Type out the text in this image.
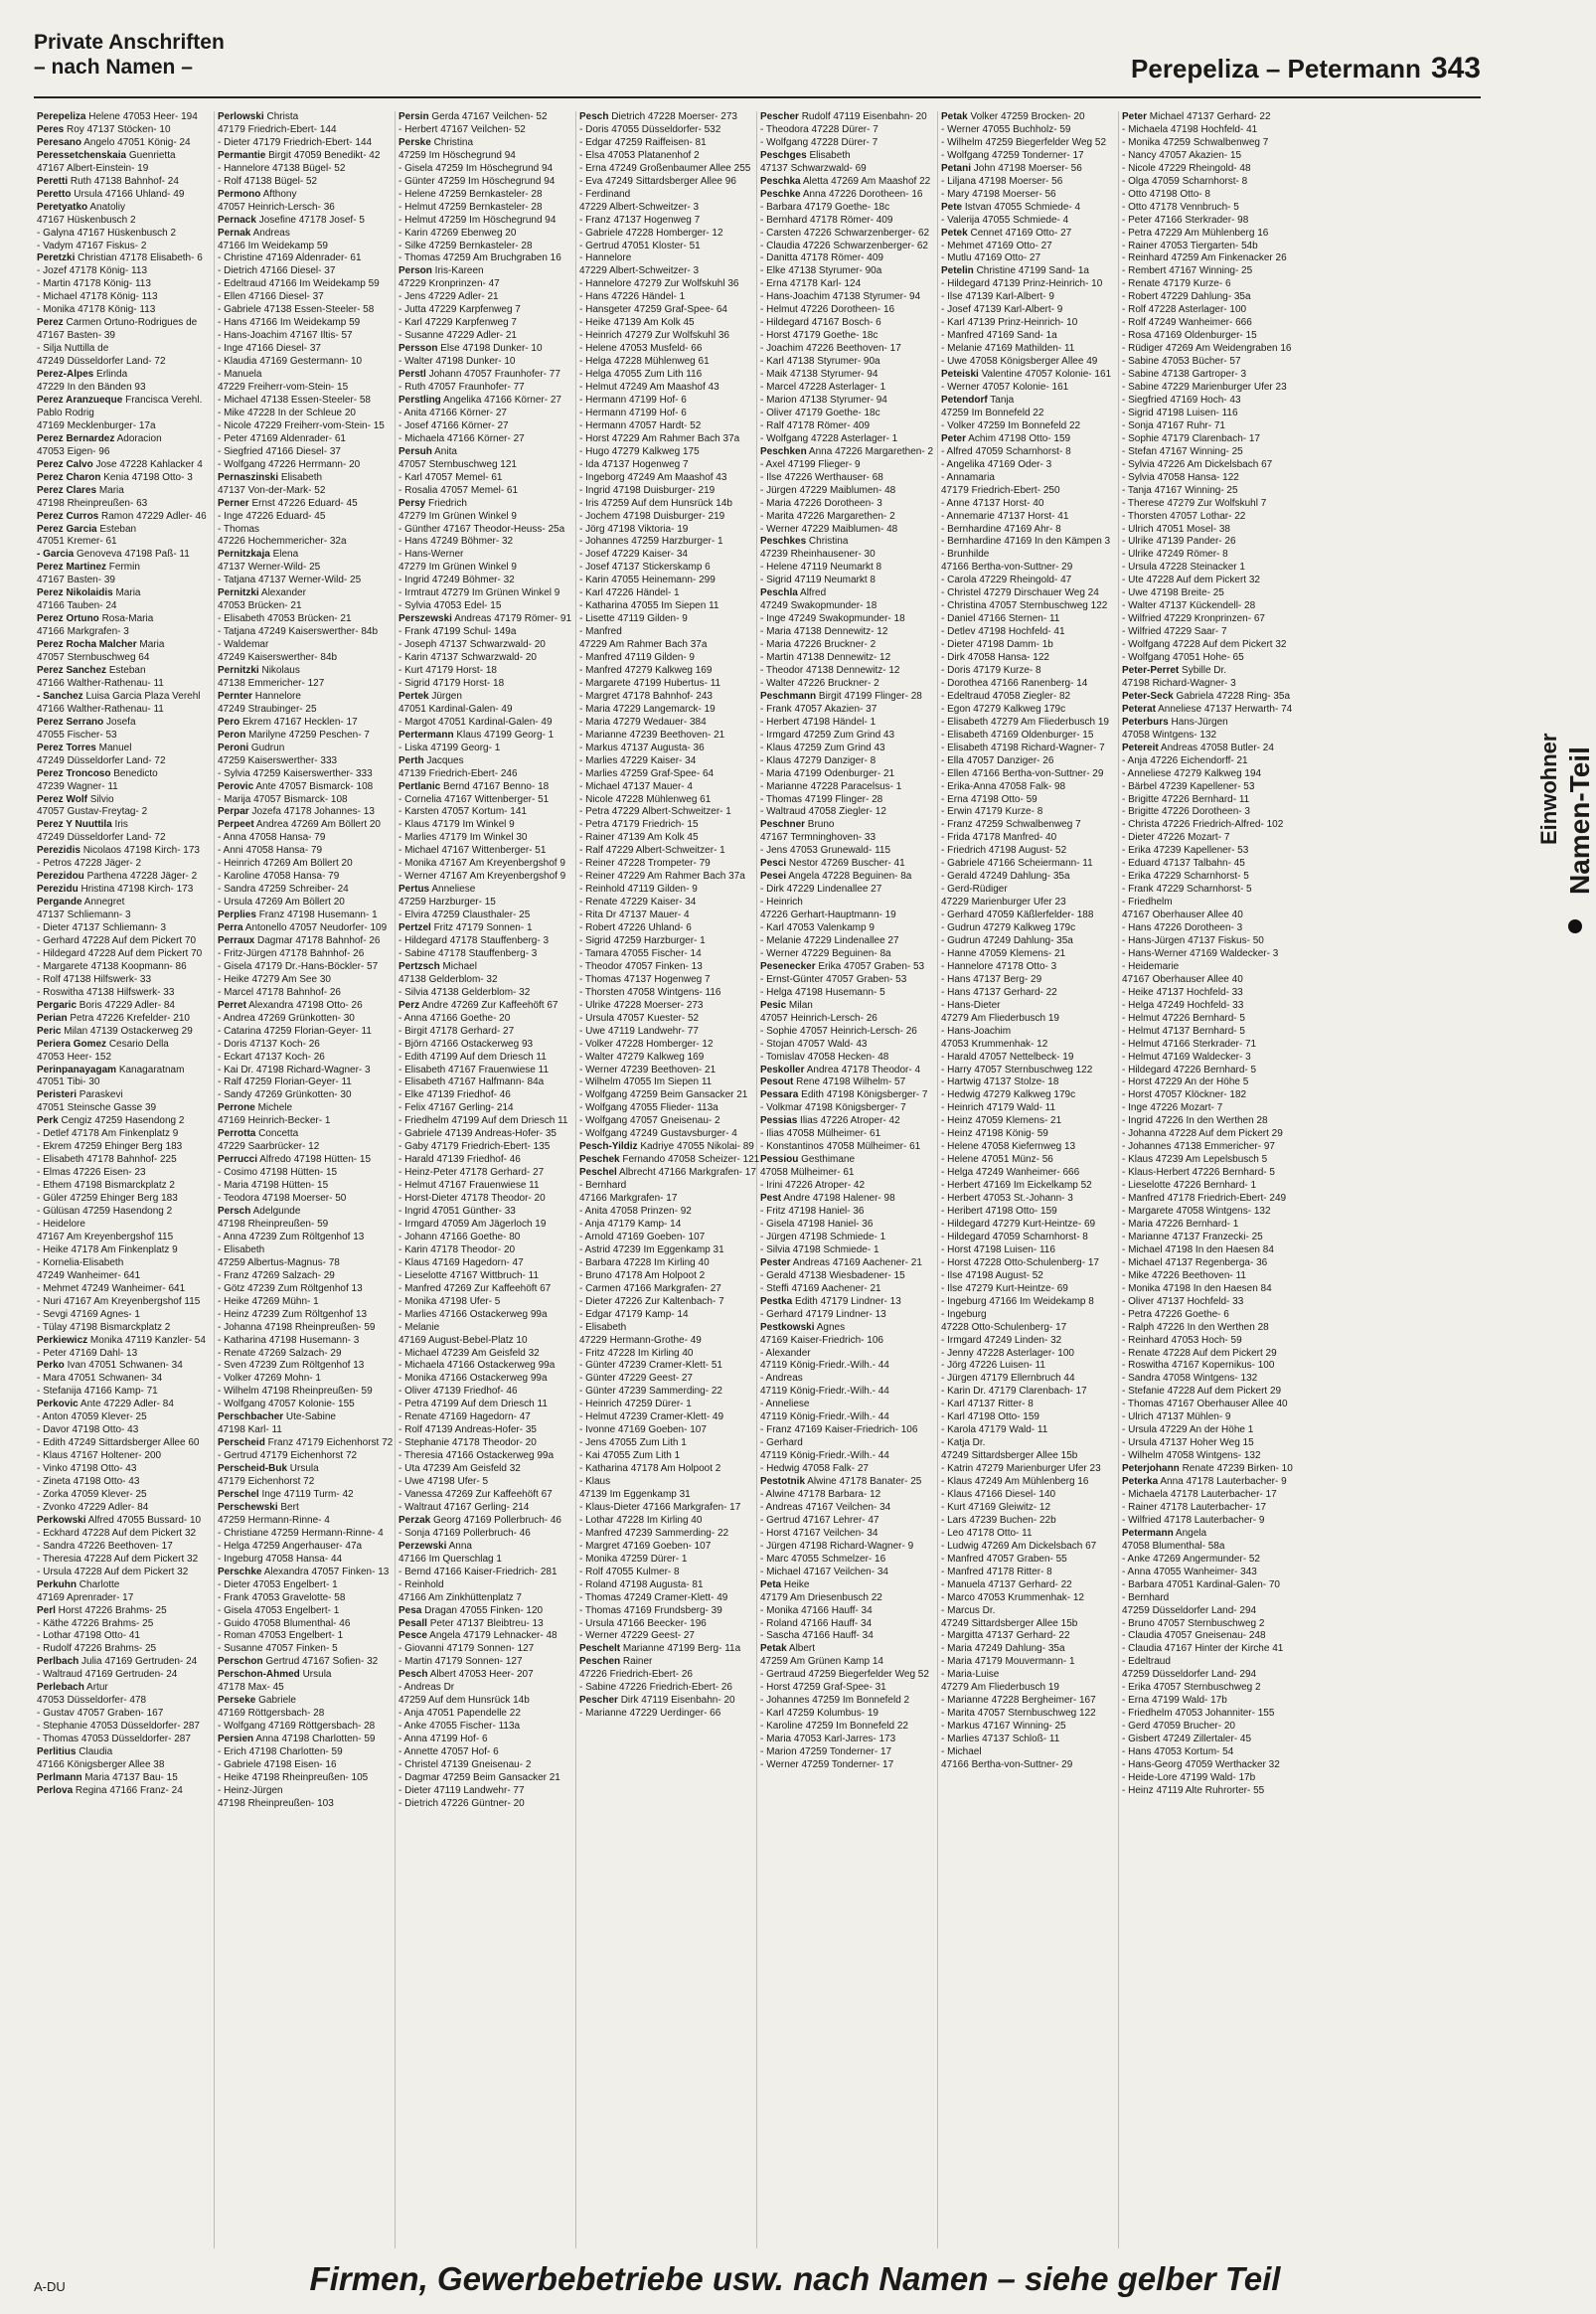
Private Anschriften
– nach Namen –	Perepeliza – Petermann 343
Perepeliza Helene 47053 Heer- 194
Peres Roy 47137 Stöcken- 10
Peresano Angelo 47051 König- 24
Peressetchenskaia Guenrietta
47167 Albert-Einstein- 19
Peretti Ruth 47138 Bahnhof- 24
Peretto Ursula 47166 Uhland- 49
Peretyatko Anatoliy
47167 Hüskenbusch 2
- Galyna 47167 Hüskenbusch 2
- Vadym 47167 Fiskus- 2
Peretzki Christian 47178 Elisabeth- 6
- Jozef 47178 König- 113
- Martin 47178 König- 113
- Michael 47178 König- 113
- Monika 47178 König- 113
Perez Carmen Ortuno-Rodrigues de
47167 Basten- 39
- Silja Nuttilla de
47249 Düsseldorfer Land- 72
Perez-Alpes Erlinda
47229 In den Bänden 93
Perez Aranzueque Francisca Verehl.
Pablo Rodrig
47169 Mecklenburger- 17a
Perez Bernardez Adoracion
47053 Eigen- 96
Perez Calvo Jose 47228 Kahlacker 4
Perez Charon Kenia 47198 Otto- 3
Perez Clares Maria
47198 Rheinpreußen- 63
Perez Curros Ramon 47229 Adler- 46
Perez Garcia Esteban
47051 Kremer- 61
- Garcia Genoveva 47198 Paß- 11
Perez Martinez Fermin
47167 Basten- 39
Perez Nikolaidis Maria
47166 Tauben- 24
Perez Ortuno Rosa-Maria
47166 Markgrafen- 3
Perez Rocha Malcher Maria
47057 Sternbuschweg 64
Perez Sanchez Esteban
47166 Walther-Rathenau- 11
- Sanchez Luisa Garcia Plaza Verehl
47166 Walther-Rathenau- 11
Perez Serrano Josefa
47055 Fischer- 53
Perez Torres Manuel
47249 Düsseldorfer Land- 72
Perez Troncoso Benedicto
47239 Wagner- 11
Perez Wolf Silvio
47057 Gustav-Freytag- 2
Perez Y Nuuttila Iris
47249 Düsseldorfer Land- 72
Perezidis Nicolaos 47198 Kirch- 173
- Petros 47228 Jäger- 2
Perezidou Parthena 47228 Jäger- 2
Perezidu Hristina 47198 Kirch- 173
Pergande Annegret
47137 Schliemann- 3
- Dieter 47137 Schliemann- 3
- Gerhard 47228 Auf dem Pickert 70
- Hildegard 47228 Auf dem Pickert 70
- Margarete 47138 Koopmann- 86
- Rolf 47138 Hilfswerk- 33
- Roswitha 47138 Hilfswerk- 33
Pergaric Boris 47229 Adler- 84
Perian Petra 47226 Krefelder- 210
Peric Milan 47139 Ostackerweg 29
Periera Gomez Cesario Della
47053 Heer- 152
Perinpanayagam Kanagaratnam
47051 Tibi- 30
Peristeri Paraskevi
47051 Steinsche Gasse 39
Perk Cengiz 47259 Hasendong 2
- Detlef 47178 Am Finkenplatz 9
- Ekrem 47259 Ehinger Berg 183
- Elisabeth 47178 Bahnhof- 225
- Elmas 47226 Eisen- 23
- Ethem 47198 Bismarckplatz 2
- Güler 47259 Ehinger Berg 183
- Gülüsan 47259 Hasendong 2
- Heidelore
47167 Am Kreyenbergshof 115
- Heike 47178 Am Finkenplatz 9
- Kornelia-Elisabeth
47249 Wanheimer- 641
- Mehmet 47249 Wanheimer- 641
- Nuri 47167 Am Kreyenbergshof 115
- Sevgi 47169 Agnes- 1
- Tülay 47198 Bismarckplatz 2
Perkiewicz Monika 47119 Kanzler- 54
- Peter 47169 Dahl- 13
Perko Ivan 47051 Schwanen- 34
- Mara 47051 Schwanen- 34
- Stefanija 47166 Kamp- 71
Perkovic Ante 47229 Adler- 84
- Anton 47059 Klever- 25
- Davor 47198 Otto- 43
- Edith 47249 Sittardsberger Allee 60
- Klaus 47167 Holtener- 200
- Vinko 47198 Otto- 43
- Zineta 47198 Otto- 43
- Zorka 47059 Klever- 25
- Zvonko 47229 Adler- 84
Perkowski Alfred 47055 Bussard- 10
- Eckhard 47228 Auf dem Pickert 32
- Sandra 47226 Beethoven- 17
- Theresia 47228 Auf dem Pickert 32
- Ursula 47228 Auf dem Pickert 32
Perkuhn Charlotte
47169 Aprenrader- 17
Perl Horst 47226 Brahms- 25
- Käthe 47226 Brahms- 25
- Lothar 47198 Otto- 41
- Rudolf 47226 Brahms- 25
Perlbach Julia 47169 Gertruden- 24
- Waltraud 47169 Gertruden- 24
Perlebach Artur
47053 Düsseldorfer- 478
- Gustav 47057 Graben- 167
- Stephanie 47053 Düsseldorfer- 287
- Thomas 47053 Düsseldorfer- 287
Perlitius Claudia
47166 Königsberger Allee 38
Perlmann Maria 47137 Bau- 15
Perlova Regina 47166 Franz- 24
Perlowski Christa
47179 Friedrich-Ebert- 144
- Dieter 47179 Friedrich-Ebert- 144
Permantie Birgit 47059 Benedikt- 42
- Hannelore 47138 Bügel- 52
- Rolf 47138 Bügel- 52
Permono Afthony
47057 Heinrich-Lersch- 36
Pernack Josefine 47178 Josef- 5
Pernak Andreas
47166 Im Weidekamp 59
- Christine 47169 Aldenrader- 61
- Dietrich 47166 Diesel- 37
- Edeltraud 47166 Im Weidekamp 59
- Ellen 47166 Diesel- 37
- Gabriele 47138 Essen-Steeler- 58
- Hans 47166 Im Weidekamp 59
- Hans-Joachim 47167 Iltis- 57
- Inge 47166 Diesel- 37
- Klaudia 47169 Gestermann- 10
- Manuela
47229 Freiherr-vom-Stein- 15
- Michael 47138 Essen-Steeler- 58
- Mike 47228 In der Schleue 20
- Nicole 47229 Freiherr-vom-Stein- 15
- Peter 47169 Aldenrader- 61
- Siegfried 47166 Diesel- 37
- Wolfgang 47226 Herrmann- 20
Pernaszinski Elisabeth
47137 Von-der-Mark- 52
Perner Ernst 47226 Eduard- 45
- Inge 47226 Eduard- 45
- Thomas
47226 Hochemmericher- 32a
Pernitzkaja Elena
47137 Werner-Wild- 25
- Tatjana 47137 Werner-Wild- 25
Pernitzki Alexander
47053 Brücken- 21
- Elisabeth 47053 Brücken- 21
- Tatjana 47249 Kaiserswerther- 84b
- Waldemar
47249 Kaiserswerther- 84b
Pernitzki Nikolaus
47138 Emmericher- 127
Pernter Hannelore
47249 Straubinger- 25
Pero Ekrem 47167 Hecklen- 17
Peron Marilyne 47259 Peschen- 7
Peroni Gudrun
47259 Kaiserswerther- 333
- Sylvia 47259 Kaiserswerther- 333
Perovic Ante 47057 Bismarck- 108
- Marija 47057 Bismarck- 108
Perpar Jozefa 47178 Johannes- 13
Perpeet Andrea 47269 Am Böllert 20
- Anna 47058 Hansa- 79
- Anni 47058 Hansa- 79
- Heinrich 47269 Am Böllert 20
- Karoline 47058 Hansa- 79
- Sandra 47259 Schreiber- 24
- Ursula 47269 Am Böllert 20
Perplies Franz 47198 Husemann- 1
Perra Antonello 47057 Neudorfer- 109
Perraux Dagmar 47178 Bahnhof- 26
- Fritz-Jürgen 47178 Bahnhof- 26
- Gisela 47179 Dr.-Hans-Böckler- 57
- Heike 47279 Am See 30
- Marcel 47178 Bahnhof- 26
Perret Alexandra 47198 Otto- 26
- Andrea 47269 Grünkotten- 30
- Catarina 47259 Florian-Geyer- 11
- Doris 47137 Koch- 26
- Eckart 47137 Koch- 26
- Kai Dr. 47198 Richard-Wagner- 3
- Ralf 47259 Florian-Geyer- 11
- Sandy 47269 Grünkotten- 30
Perrone Michele
47169 Heinrich-Becker- 1
Perrotta Concetta
47229 Saarbrücker- 12
Perrucci Alfredo 47198 Hütten- 15
- Cosimo 47198 Hütten- 15
- Maria 47198 Hütten- 15
- Teodora 47198 Moerser- 50
Persch Adelgunde
47198 Rheinpreußen- 59
- Anna 47239 Zum Röltgenhof 13
- Elisabeth
47259 Albertus-Magnus- 78
- Franz 47269 Salzach- 29
- Götz 47239 Zum Röltgenhof 13
- Heike 47269 Mühn- 1
- Heinz 47239 Zum Röltgenhof 13
- Johanna 47198 Rheinpreußen- 59
- Katharina 47198 Husemann- 3
- Renate 47269 Salzach- 29
- Sven 47239 Zum Röltgenhof 13
- Volker 47269 Mohn- 1
- Wilhelm 47198 Rheinpreußen- 59
- Wolfgang 47057 Kolonie- 155
Perschbacher Ute-Sabine
47198 Karl- 11
Perscheid Franz 47179 Eichenhorst 72
- Gertrud 47179 Eichenhorst 72
Perscheid-Buk Ursula
47179 Eichenhorst 72
Perschel Inge 47119 Turm- 42
Perschewski Bert
47259 Hermann-Rinne- 4
- Christiane 47259 Hermann-Rinne- 4
- Helga 47259 Angerhauser- 47a
- Ingeburg 47058 Hansa- 44
Perschke Alexandra 47057 Finken- 13
- Dieter 47053 Engelbert- 1
- Frank 47053 Gravelotte- 58
- Gisela 47053 Engelbert- 1
- Guido 47058 Blumenthal- 46
- Roman 47053 Engelbert- 1
- Susanne 47057 Finken- 5
Perschon Gertrud 47167 Sofien- 32
Perschon-Ahmed Ursula
47178 Max- 45
Perseke Gabriele
47169 Röttgersbach- 28
- Wolfgang 47169 Röttgersbach- 28
Persien Anna 47198 Charlotten- 59
- Erich 47198 Charlotten- 59
- Gabriele 47198 Eisen- 16
- Heike 47198 Rheinpreußen- 105
- Heinz-Jürgen
47198 Rheinpreußen- 103
Persin Gerda 47167 Veilchen- 52
- Herbert 47167 Veilchen- 52
Perske Christina
47259 Im Höschegrund 94
- Gisela 47259 Im Höschegrund 94
- Günter 47259 Im Höschegrund 94
- Helene 47259 Bernkasteler- 28
- Helmut 47259 Bernkasteler- 28
- Helmut 47259 Im Höschegrund 94
- Karin 47269 Ebenweg 20
- Silke 47259 Bernkasteler- 28
- Thomas 47259 Am Bruchgraben 16
Person Iris-Kareen
47229 Kronprinzen- 47
- Jens 47229 Adler- 21
- Jutta 47229 Karpfenweg 7
- Karl 47229 Karpfenweg 7
- Susanne 47229 Adler- 21
Persson Else 47198 Dunker- 10
- Walter 47198 Dunker- 10
Perstl Johann 47057 Fraunhofer- 77
- Ruth 47057 Fraunhofer- 77
Perstling Angelika 47166 Körner- 27
- Anita 47166 Körner- 27
- Josef 47166 Körner- 27
- Michaela 47166 Körner- 27
Persuh Anita
47057 Sternbuschweg 121
- Karl 47057 Memel- 61
- Rosalia 47057 Memel- 61
Persy Friedrich
47279 Im Grünen Winkel 9
- Günther 47167 Theodor-Heuss- 25a
- Hans 47249 Böhmer- 32
- Hans-Werner
47279 Im Grünen Winkel 9
- Ingrid 47249 Böhmer- 32
- Irmtraut 47279 Im Grünen Winkel 9
- Sylvia 47053 Edel- 15
Perszewski Andreas 47179 Römer- 91
- Frank 47199 Schul- 149a
- Joseph 47137 Schwarzwald- 20
- Karin 47137 Schwarzwald- 20
- Kurt 47179 Horst- 18
- Sigrid 47179 Horst- 18
Pertek Jürgen
47051 Kardinal-Galen- 49
- Margot 47051 Kardinal-Galen- 49
Pertermann Klaus 47199 Georg- 1
- Liska 47199 Georg- 1
Perth Jacques
47139 Friedrich-Ebert- 246
Pertlanic Bernd 47167 Benno- 18
- Cornelia 47167 Wittenberger- 51
- Karsten 47057 Kortum- 141
- Klaus 47179 Im Winkel 9
- Marlies 47179 Im Winkel 30
- Michael 47167 Wittenberger- 51
- Monika 47167 Am Kreyenbergshof 9
- Werner 47167 Am Kreyenbergshof 9
Pertus Anneliese
47259 Harzburger- 15
- Elvira 47259 Clausthaler- 25
Pertzel Fritz 47179 Sonnen- 1
- Hildegard 47178 Stauffenberg- 3
- Sabine 47178 Stauffenberg- 3
Pertzsch Michael
47138 Gelderblom- 32
- Silvia 47138 Gelderblom- 32
Perz Andre 47269 Zur Kaffeehöft 67
- Anna 47166 Goethe- 20
- Birgit 47178 Gerhard- 27
- Björn 47166 Ostackerweg 93
- Edith 47199 Auf dem Driesch 11
- Elisabeth 47167 Frauenwiese 11
- Elisabeth 47167 Halfmann- 84a
- Elke 47139 Friedhof- 46
- Felix 47167 Gerling- 214
- Friedhelm 47199 Auf dem Driesch 11
- Gabriele 47139 Andreas-Hofer- 35
- Gaby 47179 Friedrich-Ebert- 135
- Harald 47139 Friedhof- 46
- Heinz-Peter 47178 Gerhard- 27
- Helmut 47167 Frauenwiese 11
- Horst-Dieter 47178 Theodor- 20
- Ingrid 47051 Günther- 33
- Irmgard 47059 Am Jägerloch 19
- Johann 47166 Goethe- 80
- Karin 47178 Theodor- 20
- Klaus 47169 Hagedorn- 47
- Lieselotte 47167 Wittbruch- 11
- Manfred 47269 Zur Kaffeehöft 67
- Monika 47198 Ufer- 5
- Marlies 47166 Ostackerweg 99a
- Melanie
47169 August-Bebel-Platz 10
- Michael 47239 Am Geisfeld 32
- Michaela 47166 Ostackerweg 99a
- Monika 47166 Ostackerweg 99a
- Oliver 47139 Friedhof- 46
- Petra 47199 Auf dem Driesch 11
- Renate 47169 Hagedorn- 47
- Rolf 47139 Andreas-Hofer- 35
- Stephanie 47178 Theodor- 20
- Theresia 47166 Ostackerweg 99a
- Uta 47239 Am Geisfeld 32
- Uwe 47198 Ufer- 5
- Vanessa 47269 Zur Kaffeehöft 67
- Waltraut 47167 Gerling- 214
Perzak Georg 47169 Pollerbruch- 46
- Sonja 47169 Pollerbruch- 46
Perzewski Anna
47166 Im Querschlag 1
- Bernd 47166 Kaiser-Friedrich- 281
- Reinhold
47166 Am Zinkhüttenplatz 7
Pesa Dragan 47055 Finken- 120
Pesall Peter 47137 Bleibtreu- 13
Pesce Angela 47179 Lehnacker- 48
- Giovanni 47179 Sonnen- 127
- Martin 47179 Sonnen- 127
Pesch Albert 47053 Heer- 207
- Andreas Dr
47259 Auf dem Hunsrück 14b
- Anja 47051 Papendelle 22
- Anke 47055 Fischer- 113a
- Anna 47199 Hof- 6
- Annette 47057 Hof- 6
- Christel 47139 Gneisenau- 2
- Dagmar 47259 Beim Gansacker 21
- Dieter 47119 Landwehr- 77
- Dietrich 47226 Güntner- 20
Pesch Dietrich 47228 Moerser- 273
- Doris 47055 Düsseldorfer- 532
- Edgar 47259 Raiffeisen- 81
- Elsa 47053 Platanenhof 2
- Erna 47249 Großenbaumer Allee 255
- Eva 47249 Sittardsberger Allee 96
- Ferdinand
47229 Albert-Schweitzer- 3
- Franz 47137 Hogenweg 7
- Gabriele 47228 Homberger- 12
- Gertrud 47051 Kloster- 51
- Hannelore
47229 Albert-Schweitzer- 3
- Hannelore 47279 Zur Wolfskuhl 36
- Hans 47226 Händel- 1
- Hansgeter 47259 Graf-Spee- 64
- Heike 47139 Am Kolk 45
- Heinrich 47279 Zur Wolfskuhl 36
- Helene 47053 Musfeld- 66
- Helga 47228 Mühlenweg 61
- Helga 47055 Zum Lith 116
- Helmut 47249 Am Maashof 43
- Hermann 47199 Hof- 6
- Hermann 47199 Hof- 6
- Hermann 47057 Hardt- 52
- Horst 47229 Am Rahmer Bach 37a
- Hugo 47279 Kalkweg 175
- Ida 47137 Hogenweg 7
- Ingeborg 47249 Am Maashof 43
- Ingrid 47198 Duisburger- 219
- Iris 47259 Auf dem Hunsrück 14b
- Jochem 47198 Duisburger- 219
- Jörg 47198 Viktoria- 19
- Johannes 47259 Harzburger- 1
- Josef 47229 Kaiser- 34
- Josef 47137 Stickerskamp 6
- Karin 47055 Heinemann- 299
- Karl 47226 Händel- 1
- Katharina 47055 Im Siepen 11
- Lisette 47119 Gilden- 9
- Manfred
47229 Am Rahmer Bach 37a
- Manfred 47119 Gilden- 9
- Manfred 47279 Kalkweg 169
- Margarete 47199 Hubertus- 11
- Margret 47178 Bahnhof- 243
- Maria 47229 Langemarck- 19
- Maria 47279 Wedauer- 384
- Marianne 47239 Beethoven- 21
- Markus 47137 Augusta- 36
- Marlies 47229 Kaiser- 34
- Marlies 47259 Graf-Spee- 64
- Michael 47137 Mauer- 4
- Nicole 47228 Mühlenweg 61
- Petra 47229 Albert-Schweitzer- 1
- Petra 47179 Friedrich- 15
- Rainer 47139 Am Kolk 45
- Ralf 47229 Albert-Schweitzer- 1
- Reiner 47228 Trompeter- 79
- Reiner 47229 Am Rahmer Bach 37a
- Reinhold 47119 Gilden- 9
- Renate 47229 Kaiser- 34
- Rita Dr 47137 Mauer- 4
- Robert 47226 Uhland- 6
- Sigrid 47259 Harzburger- 1
- Tamara 47055 Fischer- 14
- Theodor 47057 Finken- 13
- Thomas 47137 Hogenweg 7
- Thorsten 47058 Wintgens- 116
- Ulrike 47228 Moerser- 273
- Ursula 47057 Kuester- 52
- Uwe 47119 Landwehr- 77
- Volker 47228 Homberger- 12
- Walter 47279 Kalkweg 169
- Werner 47239 Beethoven- 21
- Wilhelm 47055 Im Siepen 11
- Wolfgang 47259 Beim Gansacker 21
- Wolfgang 47055 Flieder- 113a
- Wolfgang 47057 Gneisenau- 2
- Wolfgang 47249 Gustavsburger- 4
Pesch-Yildiz Kadriye 47055 Nikolai- 89
Peschek Fernando 47058 Scheizer- 121
Peschel Albrecht 47166 Markgrafen- 17
- Bernhard
47166 Markgrafen- 17
- Anita 47058 Prinzen- 92
- Anja 47179 Kamp- 14
- Arnold 47169 Goeben- 107
- Astrid 47239 Im Eggenkamp 31
- Barbara 47228 Im Kirling 40
- Bruno 47178 Am Holpoot 2
- Carmen 47166 Markgrafen- 27
- Dieter 47226 Zur Kaltenbach- 7
- Edgar 47179 Kamp- 14
- Elisabeth
47229 Hermann-Grothe- 49
- Fritz 47228 Im Kirling 40
- Günter 47239 Cramer-Klett- 51
- Günter 47229 Geest- 27
- Günter 47239 Sammerding- 22
- Heinrich 47259 Dürer- 1
- Helmut 47239 Cramer-Klett- 49
- Ivonne 47169 Goeben- 107
- Jens 47055 Zum Lith 1
- Kai 47055 Zum Lith 1
- Katharina 47178 Am Holpoot 2
- Klaus
47139 Im Eggenkamp 31
- Klaus-Dieter 47166 Markgrafen- 17
- Lothar 47228 Im Kirling 40
- Manfred 47239 Sammerding- 22
- Margret 47169 Goeben- 107
- Monika 47259 Dürer- 1
- Rolf 47055 Kulmer- 8
- Roland 47198 Augusta- 81
- Thomas 47249 Cramer-Klett- 49
- Thomas 47169 Frundsberg- 39
- Ursula 47166 Beecker- 196
- Werner 47229 Geest- 27
Peschelt Marianne 47199 Berg- 11a
Peschen Rainer
47226 Friedrich-Ebert- 26
- Sabine 47226 Friedrich-Ebert- 26
Pescher Dirk 47119 Eisenbahn- 20
- Marianne 47229 Uerdinger- 66
Pescher Rudolf 47119 Eisenbahn- 20
- Theodora 47228 Dürer- 7
- Wolfgang 47228 Dürer- 7
Peschges Elisabeth
47137 Schwarzwald- 69
Peschka Aletta 47269 Am Maashof 22
Peschke Anna 47226 Dorotheen- 16
- Barbara 47179 Goethe- 18c
- Bernhard 47178 Römer- 409
- Carsten 47226 Schwarzenberger- 62
- Claudia 47226 Schwarzenberger- 62
- Danitta 47178 Römer- 409
- Elke 47138 Styrumer- 90a
- Erna 47178 Karl- 124
- Hans-Joachim 47138 Styrumer- 94
- Helmut 47226 Dorotheen- 16
- Hildegard 47167 Bosch- 6
- Horst 47179 Goethe- 18c
- Joachim 47226 Beethoven- 17
- Karl 47138 Styrumer- 90a
- Maik 47138 Styrumer- 94
- Marcel 47228 Asterlager- 1
- Marion 47138 Styrumer- 94
- Oliver 47179 Goethe- 18c
- Ralf 47178 Römer- 409
- Wolfgang 47228 Asterlager- 1
Peschken Anna 47226 Margarethen- 2
- Axel 47199 Flieger- 9
- Ilse 47226 Werthauser- 68
- Jürgen 47229 Maiblumen- 48
- Maria 47226 Dorotheen- 3
- Marita 47226 Margarethen- 2
- Werner 47229 Maiblumen- 48
Peschkes Christina
47239 Rheinhausener- 30
- Helene 47119 Neumarkt 8
- Sigrid 47119 Neumarkt 8
Peschla Alfred
47249 Swakopmunder- 18
- Inge 47249 Swakopmunder- 18
- Maria 47138 Dennewitz- 12
- Maria 47226 Bruckner- 2
- Martin 47138 Dennewitz- 12
- Theodor 47138 Dennewitz- 12
- Walter 47226 Bruckner- 2
Peschmann Birgit 47199 Flinger- 28
- Frank 47057 Akazien- 37
- Herbert 47198 Händel- 1
- Irmgard 47259 Zum Grind 43
- Klaus 47259 Zum Grind 43
- Klaus 47279 Danziger- 8
- Maria 47199 Odenburger- 21
- Marianne 47228 Paracelsus- 1
- Thomas 47199 Flinger- 28
- Waltraud 47058 Ziegler- 12
Peschner Bruno
47167 Termninghoven- 33
- Jens 47053 Grunewald- 115
Pesci Nestor 47269 Buscher- 41
Pesei Angela 47228 Beguinen- 8a
- Dirk 47229 Lindenallee 27
- Heinrich
47226 Gerhart-Hauptmann- 19
- Karl 47053 Valenkamp 9
- Melanie 47229 Lindenallee 27
- Werner 47229 Beguinen- 8a
Pesenecker Erika 47057 Graben- 53
- Ernst-Günter 47057 Graben- 53
- Helga 47198 Husemann- 5
Pesic Milan
47057 Heinrich-Lersch- 26
- Sophie 47057 Heinrich-Lersch- 26
- Stojan 47057 Wald- 43
- Tomislav 47058 Hecken- 48
Peskoller Andrea 47178 Theodor- 4
Pesout Rene 47198 Wilhelm- 57
Pessara Edith 47198 Königsberger- 7
- Volkmar 47198 Königsberger- 7
Pessias Ilias 47226 Atroper- 42
- Ilias 47058 Mülheimer- 61
- Konstantinos 47058 Mülheimer- 61
Pessiou Gesthimane
47058 Mülheimer- 61
- Irini 47226 Atroper- 42
Pest Andre 47198 Halener- 98
- Fritz 47198 Haniel- 36
- Gisela 47198 Haniel- 36
- Jürgen 47198 Schmiede- 1
- Silvia 47198 Schmiede- 1
Pester Andreas 47169 Aachener- 21
- Gerald 47138 Wiesbadener- 15
- Steffi 47169 Aachener- 21
Pestka Edith 47179 Lindner- 13
- Gerhard 47179 Lindner- 13
Pestkowski Agnes
47169 Kaiser-Friedrich- 106
- Alexander
47119 König-Friedr.-Wilh.- 44
- Andreas
47119 König-Friedr.-Wilh.- 44
- Anneliese
47119 König-Friedr.-Wilh.- 44
- Franz 47169 Kaiser-Friedrich- 106
- Gerhard
47119 König-Friedr.-Wilh.- 44
- Hedwig 47058 Falk- 27
Pestotnik Alwine 47178 Banater- 25
- Alwine 47178 Barbara- 12
- Andreas 47167 Veilchen- 34
- Gertrud 47167 Lehrer- 47
- Horst 47167 Veilchen- 34
- Jürgen 47198 Richard-Wagner- 9
- Marc 47055 Schmelzer- 16
- Michael 47167 Veilchen- 34
Peta Heike
47179 Am Driesenbusch 22
- Monika 47166 Hauff- 34
- Roland 47166 Hauff- 34
- Sascha 47166 Hauff- 34
Petak Albert
47259 Am Grünen Kamp 14
- Gertraud 47259 Biegerfelder Weg 52
- Horst 47259 Graf-Spee- 31
- Johannes 47259 Im Bonnefeld 2
- Karl 47259 Kolumbus- 19
- Karoline 47259 Im Bonnefeld 22
- Maria 47053 Karl-Jarres- 173
- Marion 47259 Tonderner- 17
- Werner 47259 Tonderner- 17
Petak Volker 47259 Brocken- 20
- Werner 47055 Buchholz- 59
- Wilhelm 47259 Biegerfelder Weg 52
- Wolfgang 47259 Tonderner- 17
Petani John 47198 Moerser- 56
- Liljana 47198 Moerser- 56
- Mary 47198 Moerser- 56
Pete Istvan 47055 Schmiede- 4
- Valerija 47055 Schmiede- 4
Petek Cennet 47169 Otto- 27
- Mehmet 47169 Otto- 27
- Mutlu 47169 Otto- 27
Petelin Christine 47199 Sand- 1a
- Hildegard 47139 Prinz-Heinrich- 10
- Ilse 47139 Karl-Albert- 9
- Josef 47139 Karl-Albert- 9
- Karl 47139 Prinz-Heinrich- 10
- Manfred 47169 Sand- 1a
- Melanie 47169 Mathilden- 11
- Uwe 47058 Königsberger Allee 49
Peteiski Valentine 47057 Kolonie- 161
- Werner 47057 Kolonie- 161
Petendorf Tanja
47259 Im Bonnefeld 22
- Volker 47259 Im Bonnefeld 22
Peter Achim 47198 Otto- 159
- Alfred 47059 Scharnhorst- 8
- Angelika 47169 Oder- 3
- Annamaria
47179 Friedrich-Ebert- 250
- Anne 47137 Horst- 40
- Annemarie 47137 Horst- 41
- Bernhardine 47169 Ahr- 8
- Bernhardine 47169 In den Kämpen 3
- Brunhilde
47166 Bertha-von-Suttner- 29
- Carola 47229 Rheingold- 47
- Christel 47279 Dirschauer Weg 24
- Christina 47057 Sternbuschweg 122
- Daniel 47166 Sternen- 11
- Detlev 47198 Hochfeld- 41
- Dieter 47198 Damm- 1b
- Dirk 47058 Hansa- 122
- Doris 47179 Kurze- 8
- Dorothea 47166 Ranenberg- 14
- Edeltraud 47058 Ziegler- 82
- Egon 47279 Kalkweg 179c
- Elisabeth 47279 Am Fliederbusch 19
- Elisabeth 47169 Oldenburger- 15
- Elisabeth 47198 Richard-Wagner- 7
- Ella 47057 Danziger- 26
- Ellen 47166 Bertha-von-Suttner- 29
- Erika-Anna 47058 Falk- 98
- Erna 47198 Otto- 59
- Erwin 47179 Kurze- 8
- Franz 47259 Schwalbenweg 7
- Frida 47178 Manfred- 40
- Friedrich 47198 August- 52
- Gabriele 47166 Scheiermann- 11
- Gerald 47249 Dahlung- 35a
- Gerd-Rüdiger
47229 Marienburger Ufer 23
- Gerhard 47059 Käßlerfelder- 188
- Gudrun 47279 Kalkweg 179c
- Gudrun 47249 Dahlung- 35a
- Hanne 47059 Klemens- 21
- Hannelore 47178 Otto- 3
- Hans 47137 Berg- 29
- Hans 47137 Gerhard- 22
- Hans-Dieter
47279 Am Fliederbusch 19
- Hans-Joachim
47053 Krummenhak- 12
- Harald 47057 Nettelbeck- 19
- Harry 47057 Sternbuschweg 122
- Hartwig 47137 Stolze- 18
- Hedwig 47279 Kalkweg 179c
- Heinrich 47179 Wald- 11
- Heinz 47059 Klemens- 21
- Heinz 47198 König- 59
- Helene 47058 Kiefernweg 13
- Helene 47051 Münz- 56
- Helga 47249 Wanheimer- 666
- Herbert 47169 Im Eickelkamp 52
- Herbert 47053 St.-Johann- 3
- Heribert 47198 Otto- 159
- Hildegard 47279 Kurt-Heintze- 69
- Hildegard 47059 Scharnhorst- 8
- Horst 47198 Luisen- 116
- Horst 47228 Otto-Schulenberg- 17
- Ilse 47198 August- 52
- Ilse 47279 Kurt-Heintze- 69
- Ingeburg 47166 Im Weidekamp 8
- Ingeburg
47228 Otto-Schulenberg- 17
- Irmgard 47249 Linden- 32
- Jenny 47228 Asterlager- 100
- Jörg 47226 Luisen- 11
- Jürgen 47179 Ellernbruch 44
- Karin Dr. 47179 Clarenbach- 17
- Karl 47137 Ritter- 8
- Karl 47198 Otto- 159
- Karola 47179 Wald- 11
- Katja Dr.
47249 Sittardsberger Allee 15b
- Katrin 47279 Marienburger Ufer 23
- Klaus 47249 Am Mühlenberg 16
- Klaus 47166 Diesel- 140
- Kurt 47169 Gleiwitz- 12
- Lars 47239 Buchen- 22b
- Leo 47178 Otto- 11
- Ludwig 47269 Am Dickelsbach 67
- Manfred 47057 Graben- 55
- Manfred 47178 Ritter- 8
- Manuela 47137 Gerhard- 22
- Marco 47053 Krummenhak- 12
- Marcus Dr.
47249 Sittardsberger Allee 15b
- Margitta 47137 Gerhard- 22
- Maria 47249 Dahlung- 35a
- Maria 47179 Mouvermann- 1
- Maria-Luise
47279 Am Fliederbusch 19
- Marianne 47228 Bergheimer- 167
- Marita 47057 Sternbuschweg 122
- Markus 47167 Winning- 25
- Marlies 47137 Schloß- 11
- Michael
47166 Bertha-von-Suttner- 29
Peter Michael 47137 Gerhard- 22
- Michaela 47198 Hochfeld- 41
- Monika 47259 Schwalbenweg 7
- Nancy 47057 Akazien- 15
- Nicole 47229 Rheingold- 48
- Olga 47059 Scharnhorst- 8
- Otto 47198 Otto- 8
- Otto 47178 Vennbruch- 5
- Peter 47166 Sterkrader- 98
- Petra 47229 Am Mühlenberg 16
- Rainer 47053 Tiergarten- 54b
- Reinhard 47259 Am Finkenacker 26
- Rembert 47167 Winning- 25
- Renate 47179 Kurze- 6
- Robert 47229 Dahlung- 35a
- Rolf 47228 Asterlager- 100
- Rolf 47249 Wanheimer- 666
- Rosa 47169 Oldenburger- 15
- Rüdiger 47269 Am Weidengraben 16
- Sabine 47053 Bücher- 57
- Sabine 47138 Gartroper- 3
- Sabine 47229 Marienburger Ufer 23
- Siegfried 47169 Hoch- 43
- Sigrid 47198 Luisen- 116
- Sonja 47167 Ruhr- 71
- Sophie 47179 Clarenbach- 17
- Stefan 47167 Winning- 25
- Sylvia 47226 Am Dickelsbach 67
- Sylvia 47058 Hansa- 122
- Tanja 47167 Winning- 25
- Therese 47279 Zur Wolfskuhl 7
- Thorsten 47057 Lothar- 22
- Ulrich 47051 Mosel- 38
- Ulrike 47139 Pander- 26
- Ulrike 47249 Römer- 8
- Ursula 47228 Steinacker 1
- Ute 47228 Auf dem Pickert 32
- Uwe 47198 Breite- 25
- Walter 47137 Kückendell- 28
- Wilfried 47229 Kronprinzen- 67
- Wilfried 47229 Saar- 7
- Wolfgang 47228 Auf dem Pickert 32
- Wolfgang 47051 Hohe- 65
Peter-Perret Sybille Dr.
47198 Richard-Wagner- 3
Peter-Seck Gabriela 47228 Ring- 35a
Peterat Anneliese 47137 Herwarth- 74
Peterburs Hans-Jürgen
47058 Wintgens- 132
Petereit Andreas 47058 Butler- 24
- Anja 47226 Eichendorff- 21
- Anneliese 47279 Kalkweg 194
- Bärbel 47239 Kapellener- 53
- Brigitte 47226 Bernhard- 11
- Brigitte 47226 Dorotheen- 3
- Christa 47226 Friedrich-Alfred- 102
- Dieter 47226 Mozart- 7
- Erika 47239 Kapellener- 53
- Eduard 47137 Talbahn- 45
- Erika 47229 Scharnhorst- 5
- Frank 47229 Scharnhorst- 5
- Friedhelm
47167 Oberhauser Allee 40
- Hans 47226 Dorotheen- 3
- Hans-Jürgen 47137 Fiskus- 50
- Hans-Werner 47169 Waldecker- 3
- Heidemarie
47167 Oberhauser Allee 40
- Heike 47137 Hochfeld- 33
- Helga 47249 Hochfeld- 33
- Helmut 47226 Bernhard- 5
- Helmut 47137 Bernhard- 5
- Helmut 47166 Sterkrader- 71
- Helmut 47169 Waldecker- 3
- Hildegard 47226 Bernhard- 5
- Horst 47229 An der Höhe 5
- Horst 47057 Klöckner- 182
- Inge 47226 Mozart- 7
- Ingrid 47226 In den Werthen 28
- Johanna 47228 Auf dem Pickert 29
- Johannes 47138 Emmericher- 97
- Klaus 47239 Am Lepelsbusch 5
- Klaus-Herbert 47226 Bernhard- 5
- Lieselotte 47226 Bernhard- 1
- Manfred 47178 Friedrich-Ebert- 249
- Margarete 47058 Wintgens- 132
- Maria 47226 Bernhard- 1
- Marianne 47137 Franzecki- 25
- Michael 47198 In den Haesen 84
- Michael 47137 Regenberga- 36
- Mike 47226 Beethoven- 11
- Monika 47198 In den Haesen 84
- Oliver 47137 Hochfeld- 33
- Petra 47226 Goethe- 6
- Ralph 47226 In den Werthen 28
- Reinhard 47053 Hoch- 59
- Renate 47228 Auf dem Pickert 29
- Roswitha 47167 Kopernikus- 100
- Sandra 47058 Wintgens- 132
- Stefanie 47228 Auf dem Pickert 29
- Thomas 47167 Oberhauser Allee 40
- Ulrich 47137 Mühlen- 9
- Ursula 47229 An der Höhe 1
- Ursula 47137 Hoher Weg 15
- Wilhelm 47058 Wintgens- 132
Peterjohann Renate 47239 Birken- 10
Peterka Anna 47178 Lauterbacher- 9
- Michaela 47178 Lauterbacher- 17
- Rainer 47178 Lauterbacher- 17
- Wilfried 47178 Lauterbacher- 9
Petermann Angela
47058 Blumenthal- 58a
- Anke 47269 Angermunder- 52
- Anna 47055 Wanheimer- 343
- Barbara 47051 Kardinal-Galen- 70
- Bernhard
47259 Düsseldorfer Land- 294
- Bruno 47057 Sternbuschweg 2
- Claudia 47057 Gneisenau- 248
- Claudia 47167 Hinter der Kirche 41
- Edeltraud
47259 Düsseldorfer Land- 294
- Erika 47057 Sternbuschweg 2
- Erna 47199 Wald- 17b
- Friedhelm 47053 Johanniter- 155
- Gerd 47059 Brucher- 20
- Gisbert 47249 Zillertaler- 45
- Hans 47053 Kortum- 54
- Hans-Georg 47059 Werthacker 32
- Heide-Lore 47199 Wald- 17b
- Heinz 47119 Alte Ruhrorter- 55
Einwohner Namen-Teil
A-DU	Firmen, Gewerbebetriebe usw. nach Namen – siehe gelber Teil
